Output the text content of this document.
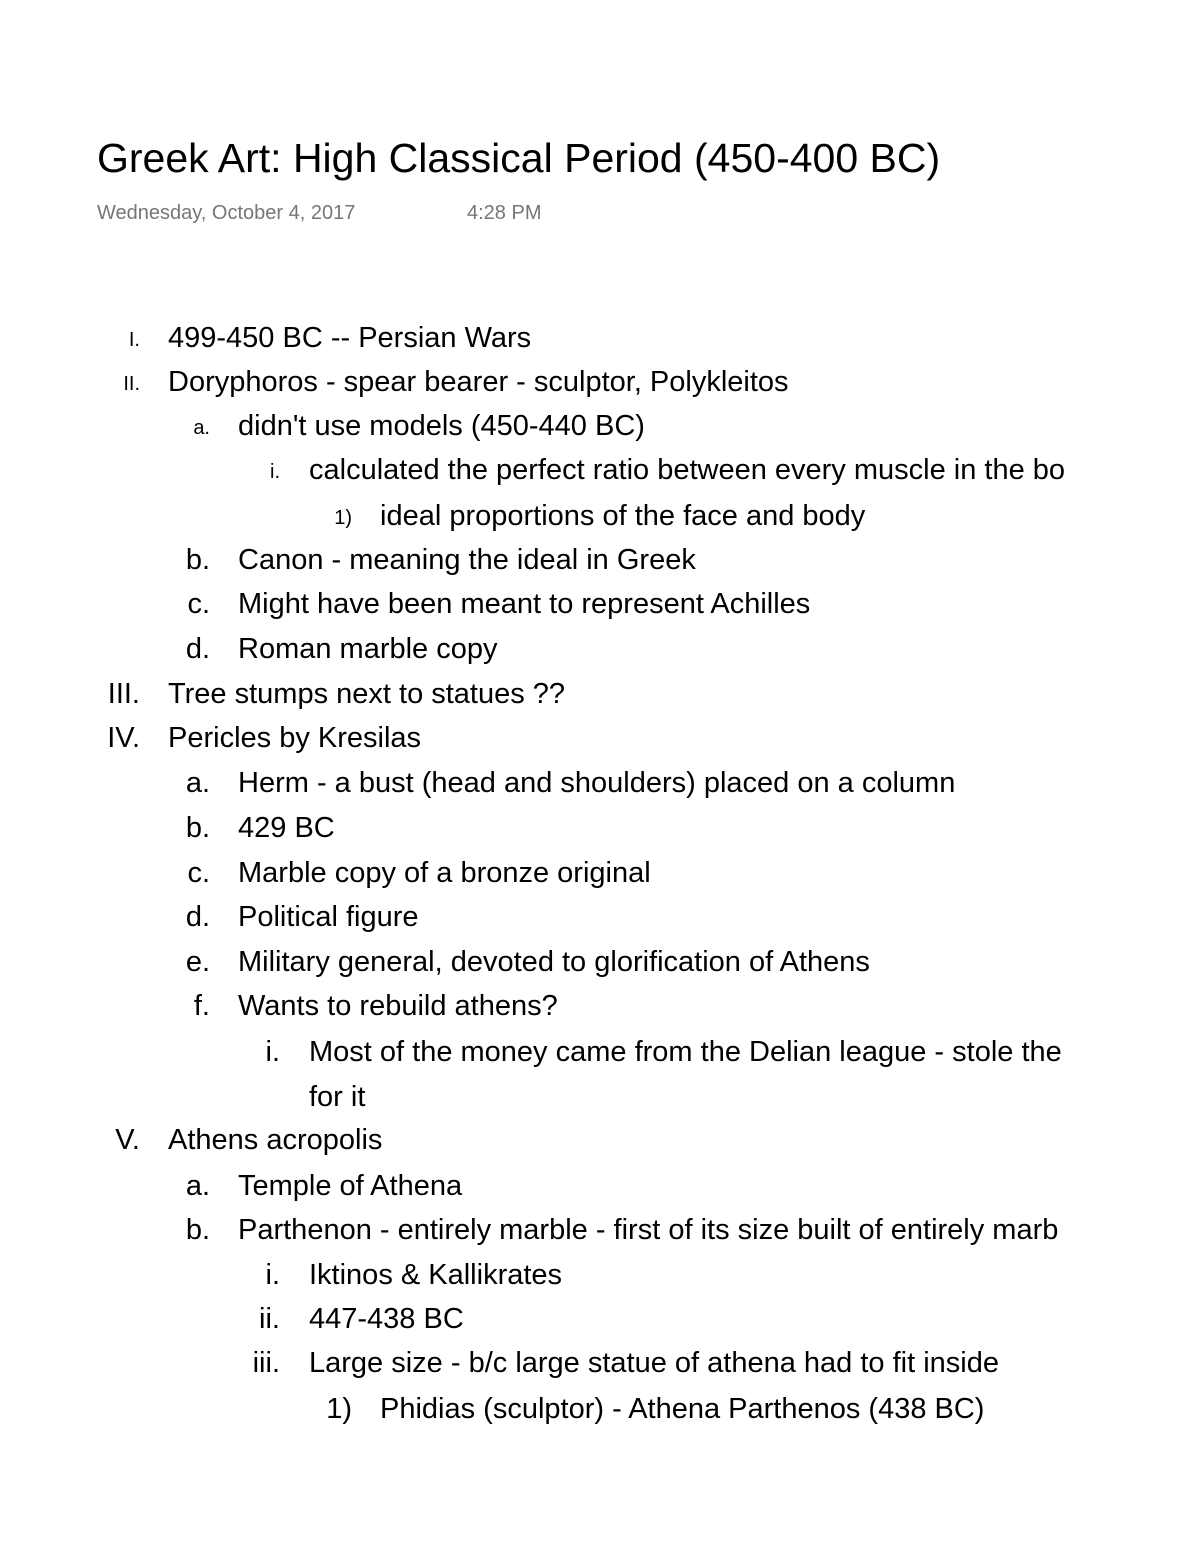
Greek Art: High Classical Period (450-400 BC)
Wednesday, October 4, 2017	4:28 PM
I. 499-450 BC -- Persian Wars
II. Doryphoros - spear bearer - sculptor, Polykleitos
a. didn't use models (450-440 BC)
i. calculated the perfect ratio between every muscle in the bo
1) ideal proportions of the face and body
b. Canon - meaning the ideal in Greek
c. Might have been meant to represent Achilles
d. Roman marble copy
III. Tree stumps next to statues ??
IV. Pericles by Kresilas
a. Herm - a bust (head and shoulders) placed on a column
b. 429 BC
c. Marble copy of a bronze original
d. Political figure
e. Military general, devoted to glorification of Athens
f. Wants to rebuild athens?
i. Most of the money came from the Delian league - stole the
for it
V. Athens acropolis
a. Temple of Athena
b. Parthenon - entirely marble - first of its size built of entirely marb
i. Iktinos & Kallikrates
ii. 447-438 BC
iii. Large size - b/c large statue of athena had to fit inside
1) Phidias (sculptor) - Athena Parthenos (438 BC)
